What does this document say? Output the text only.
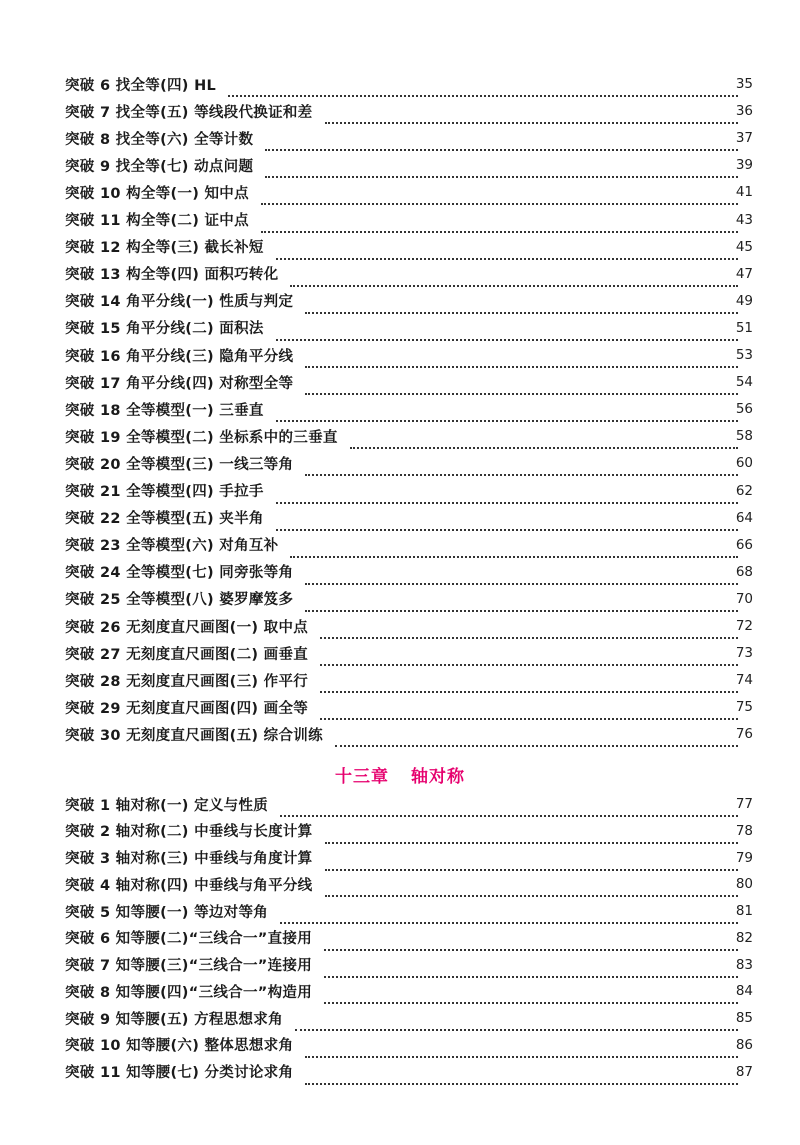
突破 6 找全等(四) HL	35
突破 7 找全等(五) 等线段代换证和差	36
突破 8 找全等(六) 全等计数	37
突破 9 找全等(七) 动点问题	39
突破 10 构全等(一) 知中点	41
突破 11 构全等(二) 证中点	43
突破 12 构全等(三) 截长补短	45
突破 13 构全等(四) 面积巧转化	47
突破 14 角平分线(一) 性质与判定	49
突破 15 角平分线(二) 面积法	51
突破 16 角平分线(三) 隐角平分线	53
突破 17 角平分线(四) 对称型全等	54
突破 18 全等模型(一) 三垂直	56
突破 19 全等模型(二) 坐标系中的三垂直	58
突破 20 全等模型(三) 一线三等角	60
突破 21 全等模型(四) 手拉手	62
突破 22 全等模型(五) 夹半角	64
突破 23 全等模型(六) 对角互补	66
突破 24 全等模型(七) 同旁张等角	68
突破 25 全等模型(八) 婆罗摩笈多	70
突破 26 无刻度直尺画图(一) 取中点	72
突破 27 无刻度直尺画图(二) 画垂直	73
突破 28 无刻度直尺画图(三) 作平行	74
突破 29 无刻度直尺画图(四) 画全等	75
突破 30 无刻度直尺画图(五) 综合训练	76
十三章 轴对称
突破 1 轴对称(一) 定义与性质	77
突破 2 轴对称(二) 中垂线与长度计算	78
突破 3 轴对称(三) 中垂线与角度计算	79
突破 4 轴对称(四) 中垂线与角平分线	80
突破 5 知等腰(一) 等边对等角	81
突破 6 知等腰(二)“三线合一”直接用	82
突破 7 知等腰(三)“三线合一”连接用	83
突破 8 知等腰(四)“三线合一”构造用	84
突破 9 知等腰(五) 方程思想求角	85
突破 10 知等腰(六) 整体思想求角	86
突破 11 知等腰(七) 分类讨论求角	87
